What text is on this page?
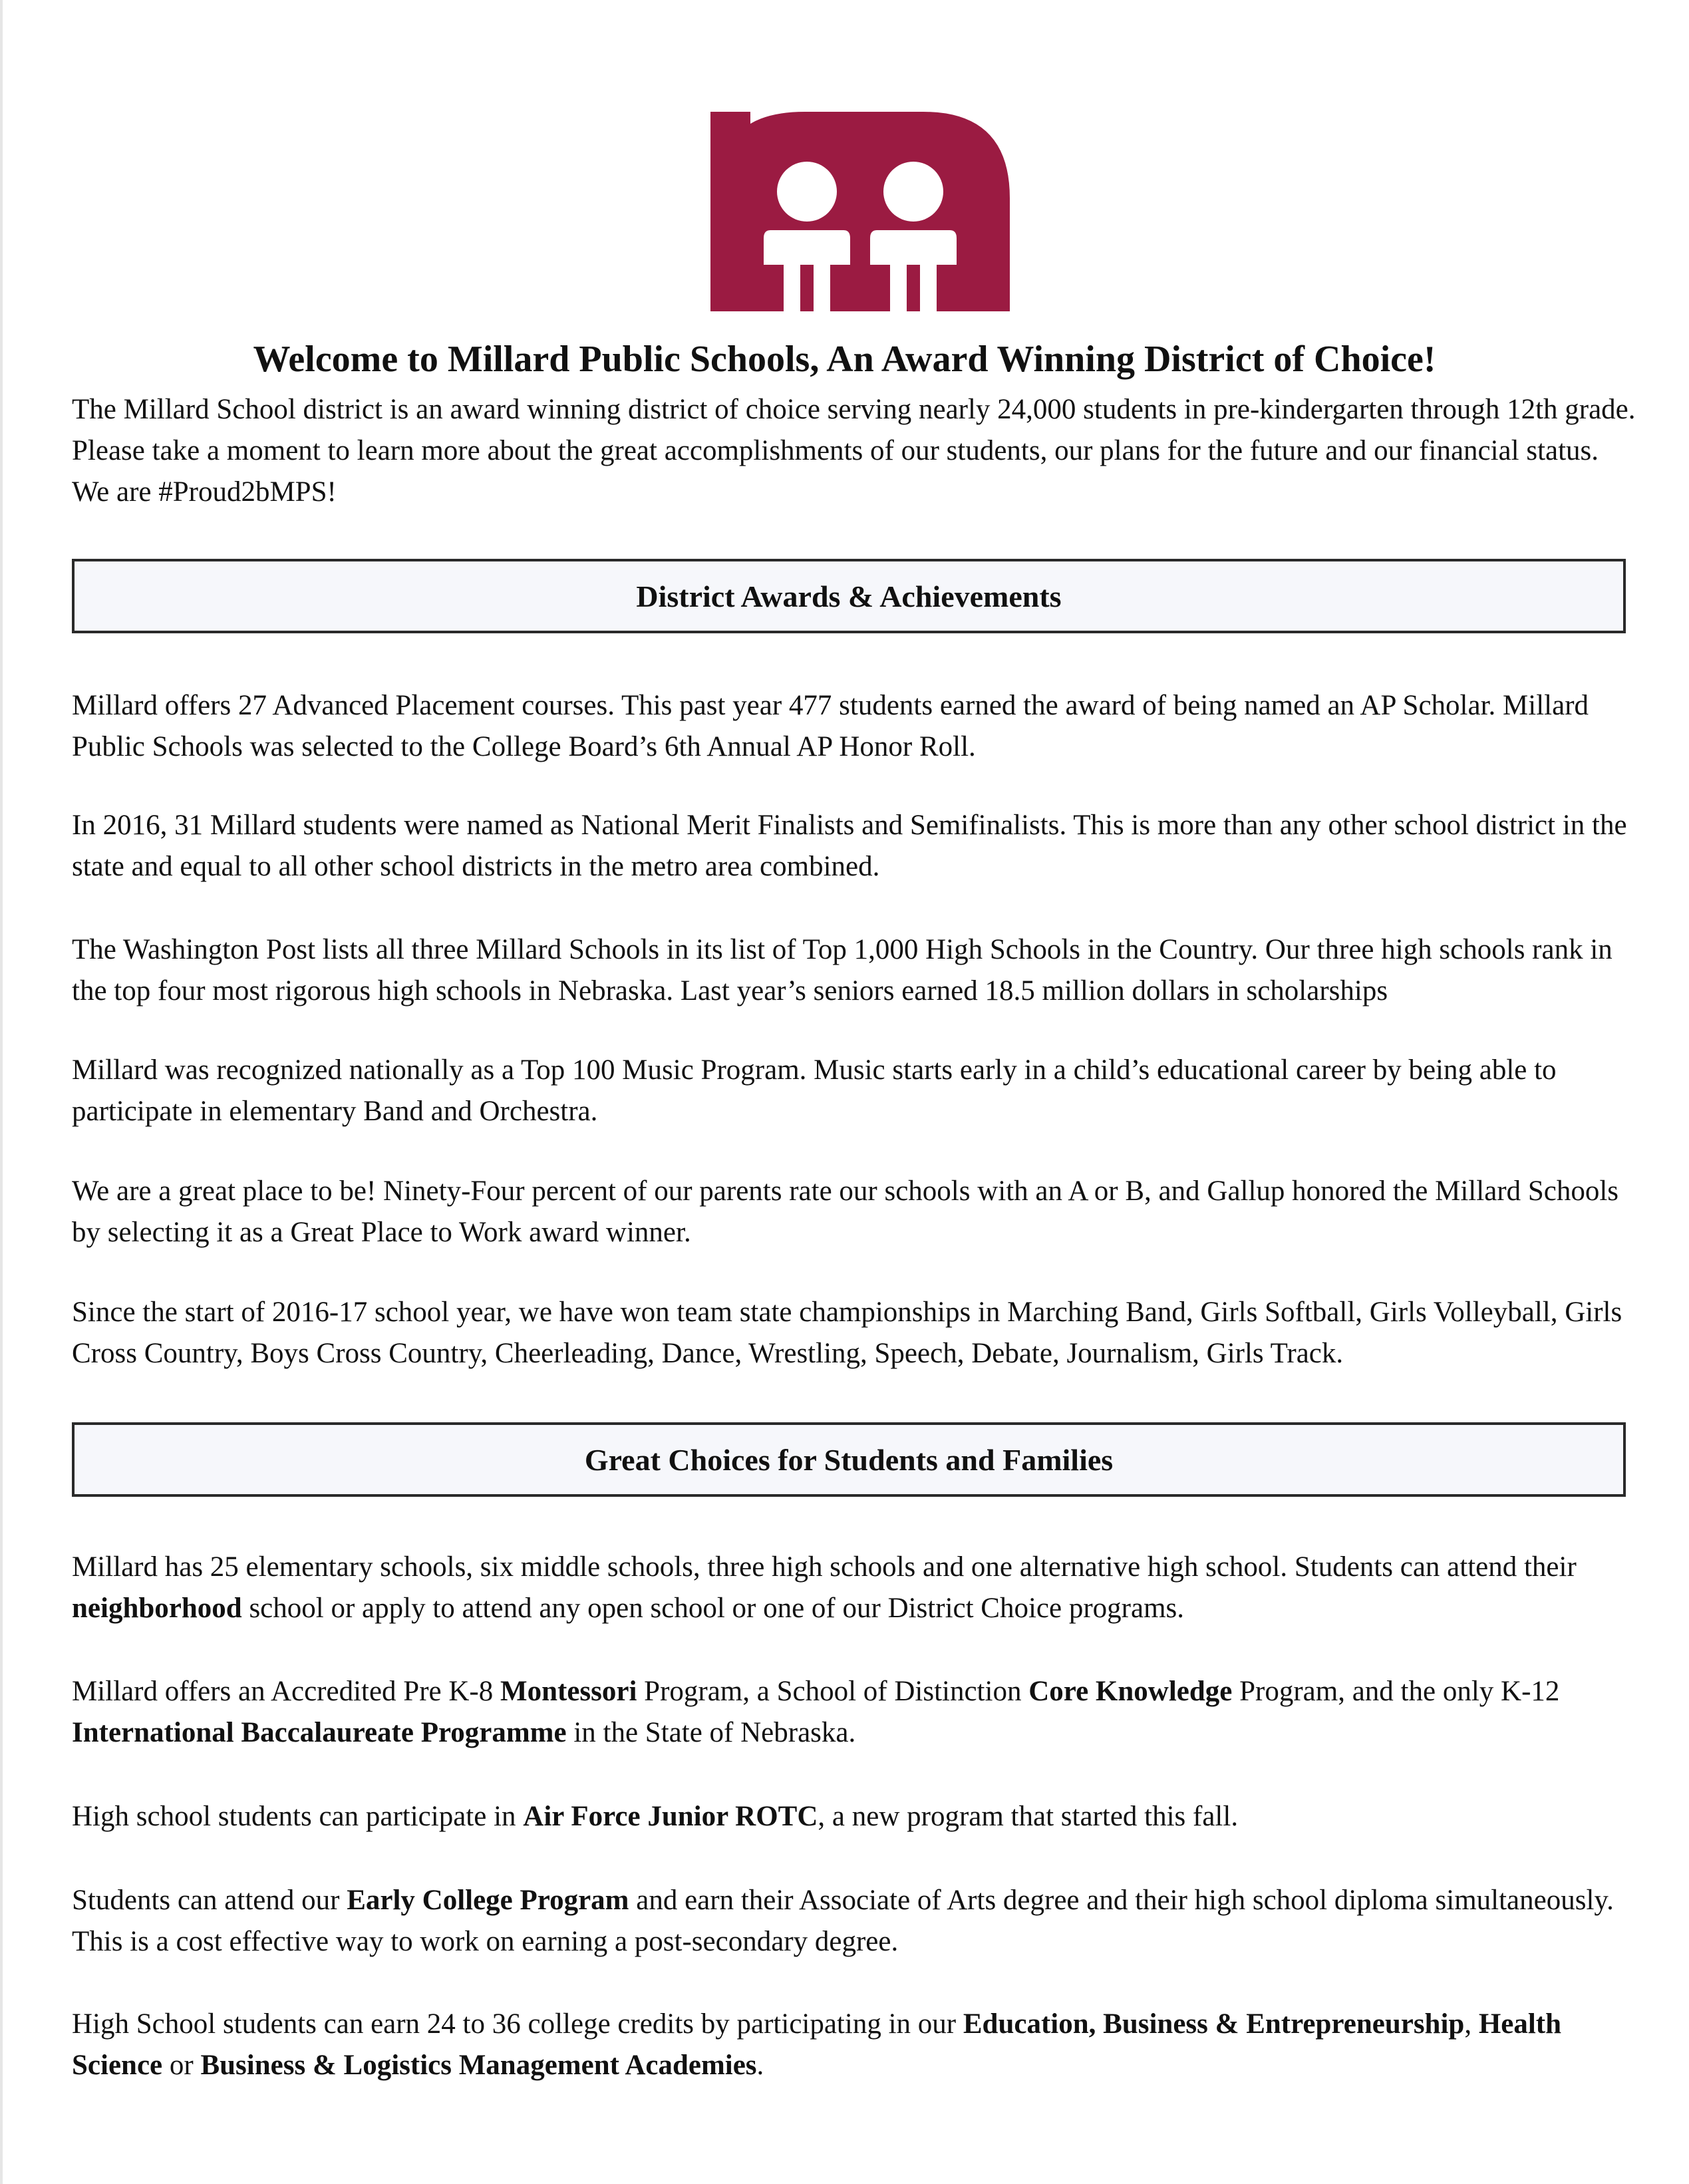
Welcome to Millard Public Schools, An Award Winning District of Choice!

The Millard School district is an award winning district of choice serving nearly 24,000 students in pre-kindergarten through 12th grade. Please take a moment to learn more about the great accomplishments of our students, our plans for the future and our financial status. We are #Proud2bMPS!

District Awards & Achievements

Millard offers 27 Advanced Placement courses. This past year 477 students earned the award of being named an AP Scholar. Millard Public Schools was selected to the College Board’s 6th Annual AP Honor Roll.

In 2016, 31 Millard students were named as National Merit Finalists and Semifinalists. This is more than any other school district in the state and equal to all other school districts in the metro area combined.

The Washington Post lists all three Millard Schools in its list of Top 1,000 High Schools in the Country. Our three high schools rank in the top four most rigorous high schools in Nebraska. Last year’s seniors earned 18.5 million dollars in scholarships

Millard was recognized nationally as a Top 100 Music Program. Music starts early in a child’s educational career by being able to participate in elementary Band and Orchestra.

We are a great place to be! Ninety-Four percent of our parents rate our schools with an A or B, and Gallup honored the Millard Schools by selecting it as a Great Place to Work award winner.

Since the start of 2016-17 school year, we have won team state championships in Marching Band, Girls Softball, Girls Volleyball, Girls Cross Country, Boys Cross Country, Cheerleading, Dance, Wrestling, Speech, Debate, Journalism, Girls Track.

Great Choices for Students and Families

Millard has 25 elementary schools, six middle schools, three high schools and one alternative high school. Students can attend their neighborhood school or apply to attend any open school or one of our District Choice programs.

Millard offers an Accredited Pre K-8 Montessori Program, a School of Distinction Core Knowledge Program, and the only K-12 International Baccalaureate Programme in the State of Nebraska.

High school students can participate in Air Force Junior ROTC, a new program that started this fall.

Students can attend our Early College Program and earn their Associate of Arts degree and their high school diploma simultaneously. This is a cost effective way to work on earning a post-secondary degree.

High School students can earn 24 to 36 college credits by participating in our Education, Business & Entrepreneurship, Health Science or Business & Logistics Management Academies.
